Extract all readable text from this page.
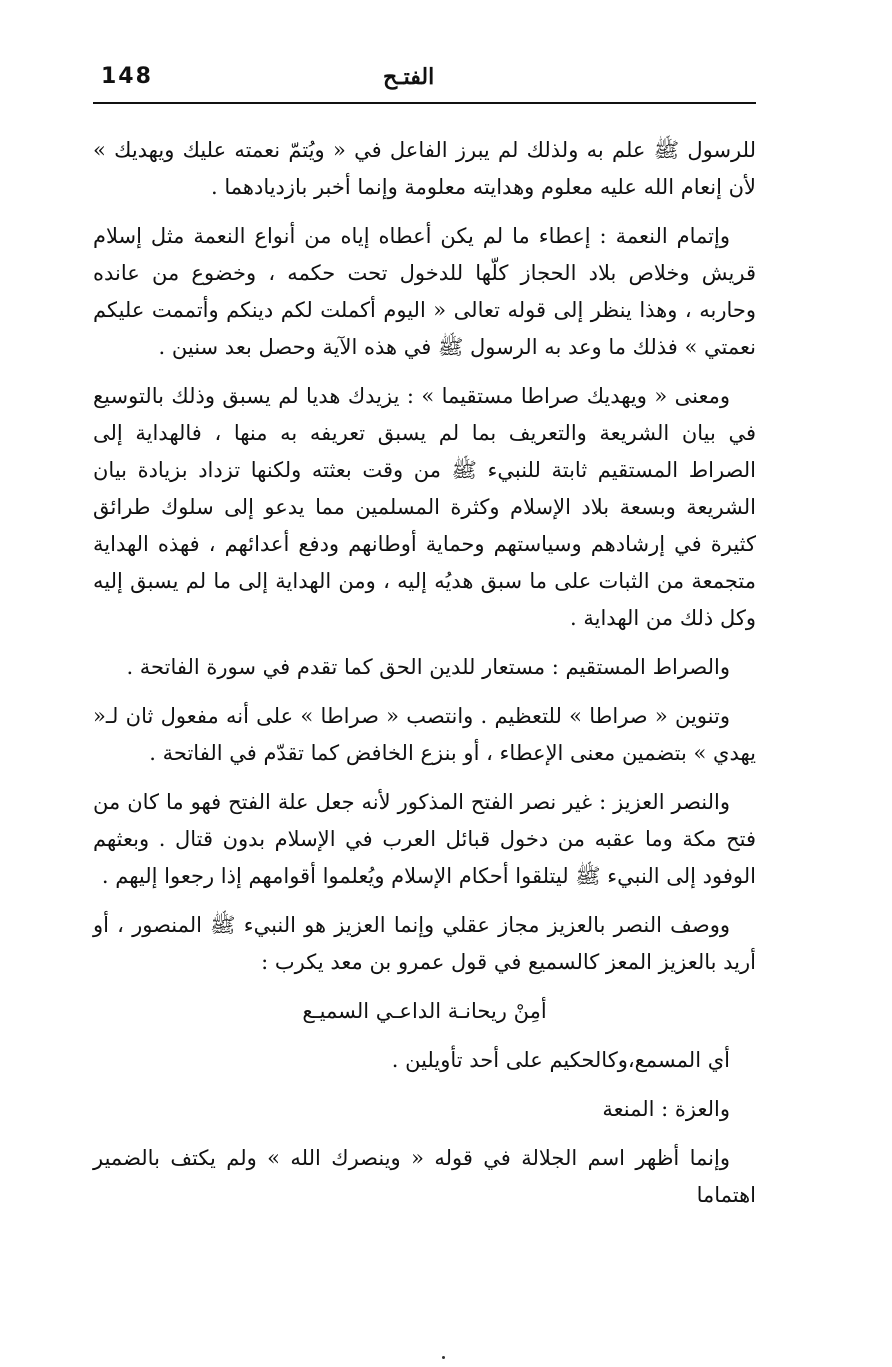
148	الفتـح

للرسول ﷺ علم به ولذلك لم يبرز الفاعل في « ويُتمّ نعمته عليك ويهديك » لأن إنعام الله عليه معلوم وهدايته معلومة وإنما أخبر بازديادهما .

وإتمام النعمة : إعطاء ما لم يكن أعطاه إياه من أنواع النعمة مثل إسلام قريش وخلاص بلاد الحجاز كلّها للدخول تحت حكمه ، وخضوع من عانده وحاربه ، وهذا ينظر إلى قوله تعالى « اليوم أكملت لكم دينكم وأتممت عليكم نعمتي » فذلك ما وعد به الرسول ﷺ في هذه الآية وحصل بعد سنين .

ومعنى « ويهديك صراطا مستقيما » : يزيدك هديا لم يسبق وذلك بالتوسيع في بيان الشريعة والتعريف بما لم يسبق تعريفه به منها ، فالهداية إلى الصراط المستقيم ثابتة للنبيء ﷺ من وقت بعثته ولكنها تزداد بزيادة بيان الشريعة وبسعة بلاد الإسلام وكثرة المسلمين مما يدعو إلى سلوك طرائق كثيرة في إرشادهم وسياستهم وحماية أوطانهم ودفع أعدائهم ، فهذه الهداية متجمعة من الثبات على ما سبق هديُه إليه ، ومن الهداية إلى ما لم يسبق إليه وكل ذلك من الهداية .

والصراط المستقيم : مستعار للدين الحق كما تقدم في سورة الفاتحة .

وتنوين « صراطا » للتعظيم . وانتصب « صراطا » على أنه مفعول ثان لـ« يهدي » بتضمين معنى الإعطاء ، أو بنزع الخافض كما تقدّم في الفاتحة .

والنصر العزيز : غير نصر الفتح المذكور لأنه جعل علة الفتح فهو ما كان من فتح مكة وما عقبه من دخول قبائل العرب في الإسلام بدون قتال . وبعثهم الوفود إلى النبيء ﷺ ليتلقوا أحكام الإسلام ويُعلموا أقوامهم إذا رجعوا إليهم .

ووصف النصر بالعزيز مجاز عقلي وإنما العزيز هو النبيء ﷺ المنصور ، أو أريد بالعزيز المعز كالسميع في قول عمرو بن معد يكرب :

أمِنْ ريحانـة الداعـي السميـع

أي المسمع،وكالحكيم على أحد تأويلين .

والعزة : المنعة

وإنما أظهر اسم الجلالة في قوله « وينصرك الله » ولم يكتف بالضمير اهتماما
